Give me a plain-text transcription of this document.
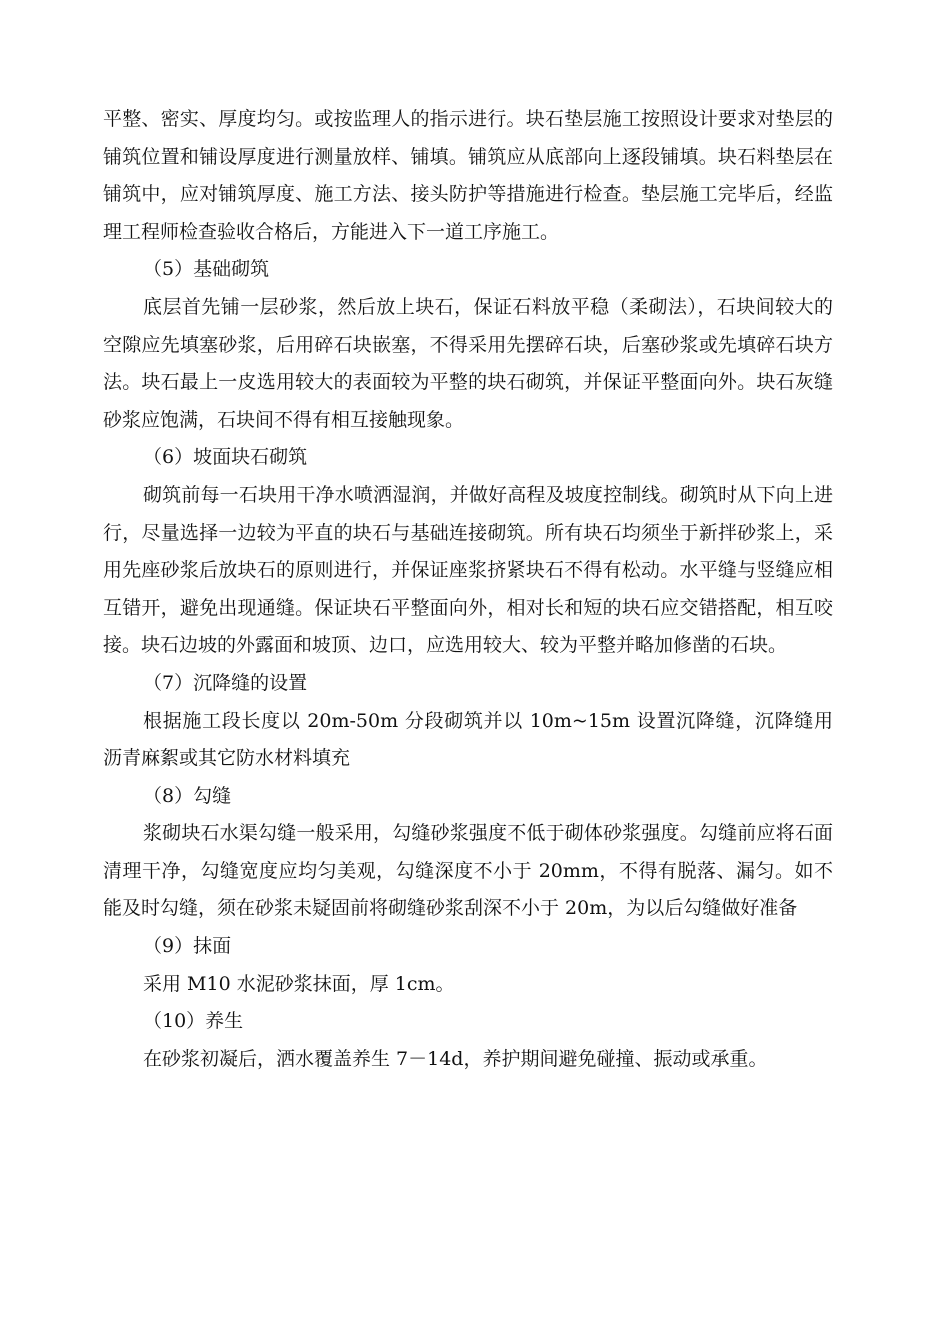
平整、密实、厚度均匀。或按监理人的指示进行。块石垫层施工按照设计要求对垫层的铺筑位置和铺设厚度进行测量放样、铺填。铺筑应从底部向上逐段铺填。块石料垫层在铺筑中，应对铺筑厚度、施工方法、接头防护等措施进行检查。垫层施工完毕后，经监理工程师检查验收合格后，方能进入下一道工序施工。

（5）基础砌筑

底层首先铺一层砂浆，然后放上块石，保证石料放平稳（柔砌法），石块间较大的空隙应先填塞砂浆，后用碎石块嵌塞，不得采用先摆碎石块，后塞砂浆或先填碎石块方法。块石最上一皮选用较大的表面较为平整的块石砌筑，并保证平整面向外。块石灰缝砂浆应饱满，石块间不得有相互接触现象。

（6）坡面块石砌筑

砌筑前每一石块用干净水喷洒湿润，并做好高程及坡度控制线。砌筑时从下向上进行，尽量选择一边较为平直的块石与基础连接砌筑。所有块石均须坐于新拌砂浆上，采用先座砂浆后放块石的原则进行，并保证座浆挤紧块石不得有松动。水平缝与竖缝应相互错开，避免出现通缝。保证块石平整面向外，相对长和短的块石应交错搭配，相互咬接。块石边坡的外露面和坡顶、边口，应选用较大、较为平整并略加修凿的石块。

（7）沉降缝的设置

根据施工段长度以 20m-50m 分段砌筑并以 10m~15m 设置沉降缝，沉降缝用沥青麻絮或其它防水材料填充

（8）勾缝

浆砌块石水渠勾缝一般采用，勾缝砂浆强度不低于砌体砂浆强度。勾缝前应将石面清理干净，勾缝宽度应均匀美观，勾缝深度不小于 20mm，不得有脱落、漏匀。如不能及时勾缝，须在砂浆未疑固前将砌缝砂浆刮深不小于 20m，为以后勾缝做好准备

（9）抹面

采用 M10 水泥砂浆抹面，厚 1cm。

（10）养生

在砂浆初凝后，洒水覆盖养生 7－14d，养护期间避免碰撞、振动或承重。
